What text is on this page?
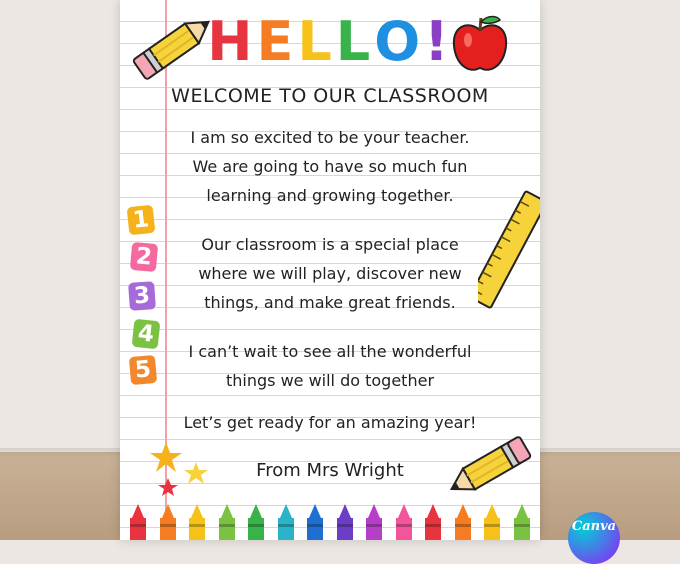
HELLO!
WELCOME TO OUR CLASSROOM
I am so excited to be your teacher.
We are going to have so much fun
learning and growing together.
Our classroom is a special place
where we will play, discover new
things, and make great friends.
I can’t wait to see all the wonderful
things we will do together
Let’s get ready for an amazing year!
From Mrs Wright
1
2
3
4
5
Canva
